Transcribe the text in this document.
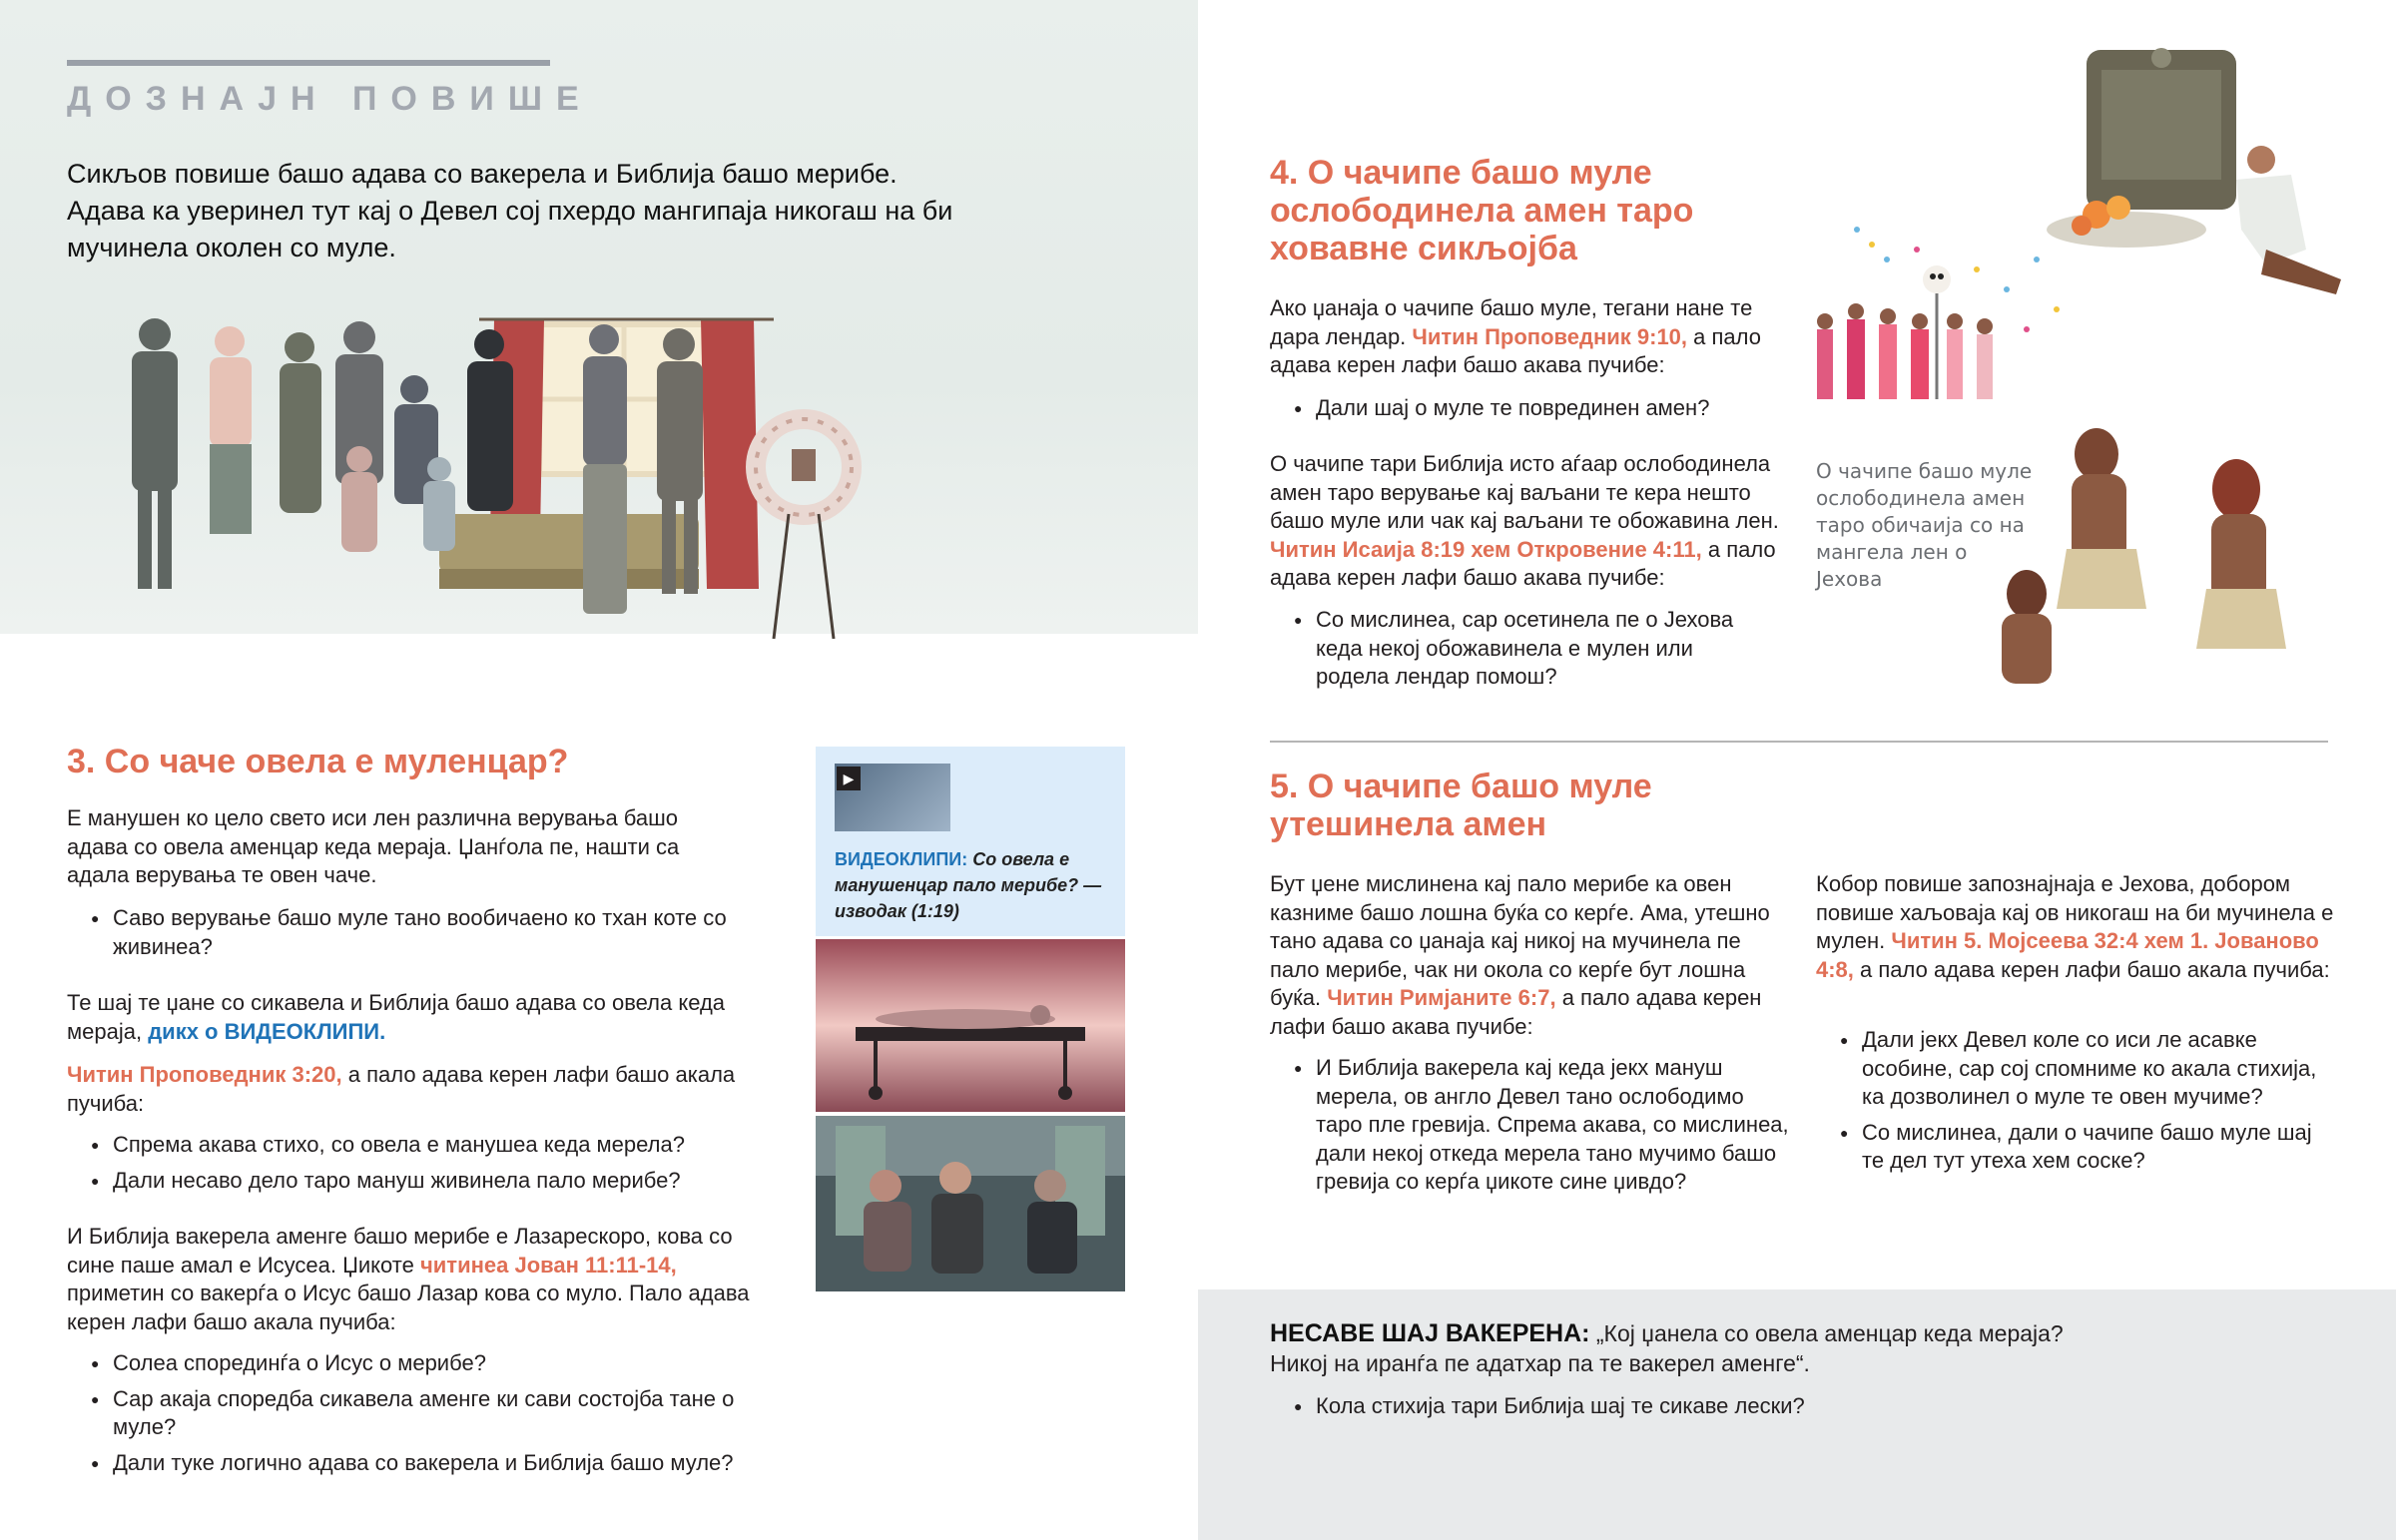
ДОЗНАЈН ПОВИШЕ

Сикљов повише башо адава со вакерела и Библија башо мерибе. Адава ка уверинел тут кај о Девел сој пхердо мангипаја никогаш на би мучинела околен со муле.

3. Со чаче овела е муленцар?

Е манушен ко цело свето иси лен различна верувања башо адава со овела аменцар кеда мераја. Џанѓола пе, нашти са адала верувања те овен чаче.

● Саво верување башо муле тано вообичаено ко тхан коте со живинеа?

Те шај те џане со сикавела и Библија башо адава со овела кеда мераја, дикх о ВИДЕОКЛИПИ.

Читин Проповедник 3:20, а пало адава керен лафи башо акала пучиба:

● Спрема акава стихо, со овела е манушеа кеда мерела?
● Дали несаво дело таро мануш живинела пало мерибе?

И Библија вакерела аменге башо мерибе е Лазарескоро, кова со сине паше амал е Исусеа. Џикоте читинеа Јован 11:11-14, приметин со вакерѓа о Исус башо Лазар кова со муло. Пало адава керен лафи башо акала пучиба:

● Солеа спорединѓа о Исус о мерибе?
● Сар акаја споредба сикавела аменге ки сави состојба тане о муле?
● Дали туке логично адава со вакерела и Библија башо муле?
▶
ВИДЕОКЛИПИ: Со овела е манушенцар пало мерибе? — изводак (1:19)

О чачипе башо муле ослободинела амен таро обичаија со на мангела лен о Јехова

4. О чачипе башо муле ослободинела амен таро ховавне сикљојба

Ако џанаја о чачипе башо муле, тегани нане те дара лендар. Читин Проповедник 9:10, а пало адава керен лафи башо акава пучибе:

● Дали шај о муле те поврединен амен?

О чачипе тари Библија исто аѓаар ослободинела амен таро верување кај ваљани те кера нешто башо муле или чак кај ваљани те обожавина лен. Читин Исаија 8:19 хем Откровение 4:11, а пало адава керен лафи башо акава пучибе:

● Со мислинеа, сар осетинела пе о Јехова кеда некој обожавинела е мулен или родела лендар помош?
5. О чачипе башо муле утешинела амен

Бут џене мислинена кај пало мерибе ка овен казниме башо лошна буќа со керѓе. Ама, утешно тано адава со џанаја кај никој на мучинела пе пало мерибе, чак ни окола со керѓе бут лошна буќа. Читин Римјаните 6:7, а пало адава керен лафи башо акава пучибе:

● И Библија вакерела кај кеда јекх мануш мерела, ов англо Девел тано ослободимо таро пле гревија. Спрема акава, со мислинеа, дали некој откеда мерела тано мучимо башо гревија со керѓа џикоте сине џивдо?

Кобор повише запознајнаја е Јехова, добором повише хаљоваја кај ов никогаш на би мучинела е мулен. Читин 5. Мојсеева 32:4 хем 1. Јованово 4:8, а пало адава керен лафи башо акала пучиба:

● Дали јекх Девел коле со иси ле асавке особине, сар сој спомниме ко акала стихија, ка дозволинел о муле те овен мучиме?
● Со мислинеа, дали о чачипе башо муле шај те дел тут утеха хем соске?

НЕСАВЕ ШАЈ ВАКЕРЕНА: „Кој џанела со овела аменцар кеда мераја? Никој на иранѓа пе адатхар па те вакерел аменге“.

● Кола стихија тари Библија шај те сикаве лески?
